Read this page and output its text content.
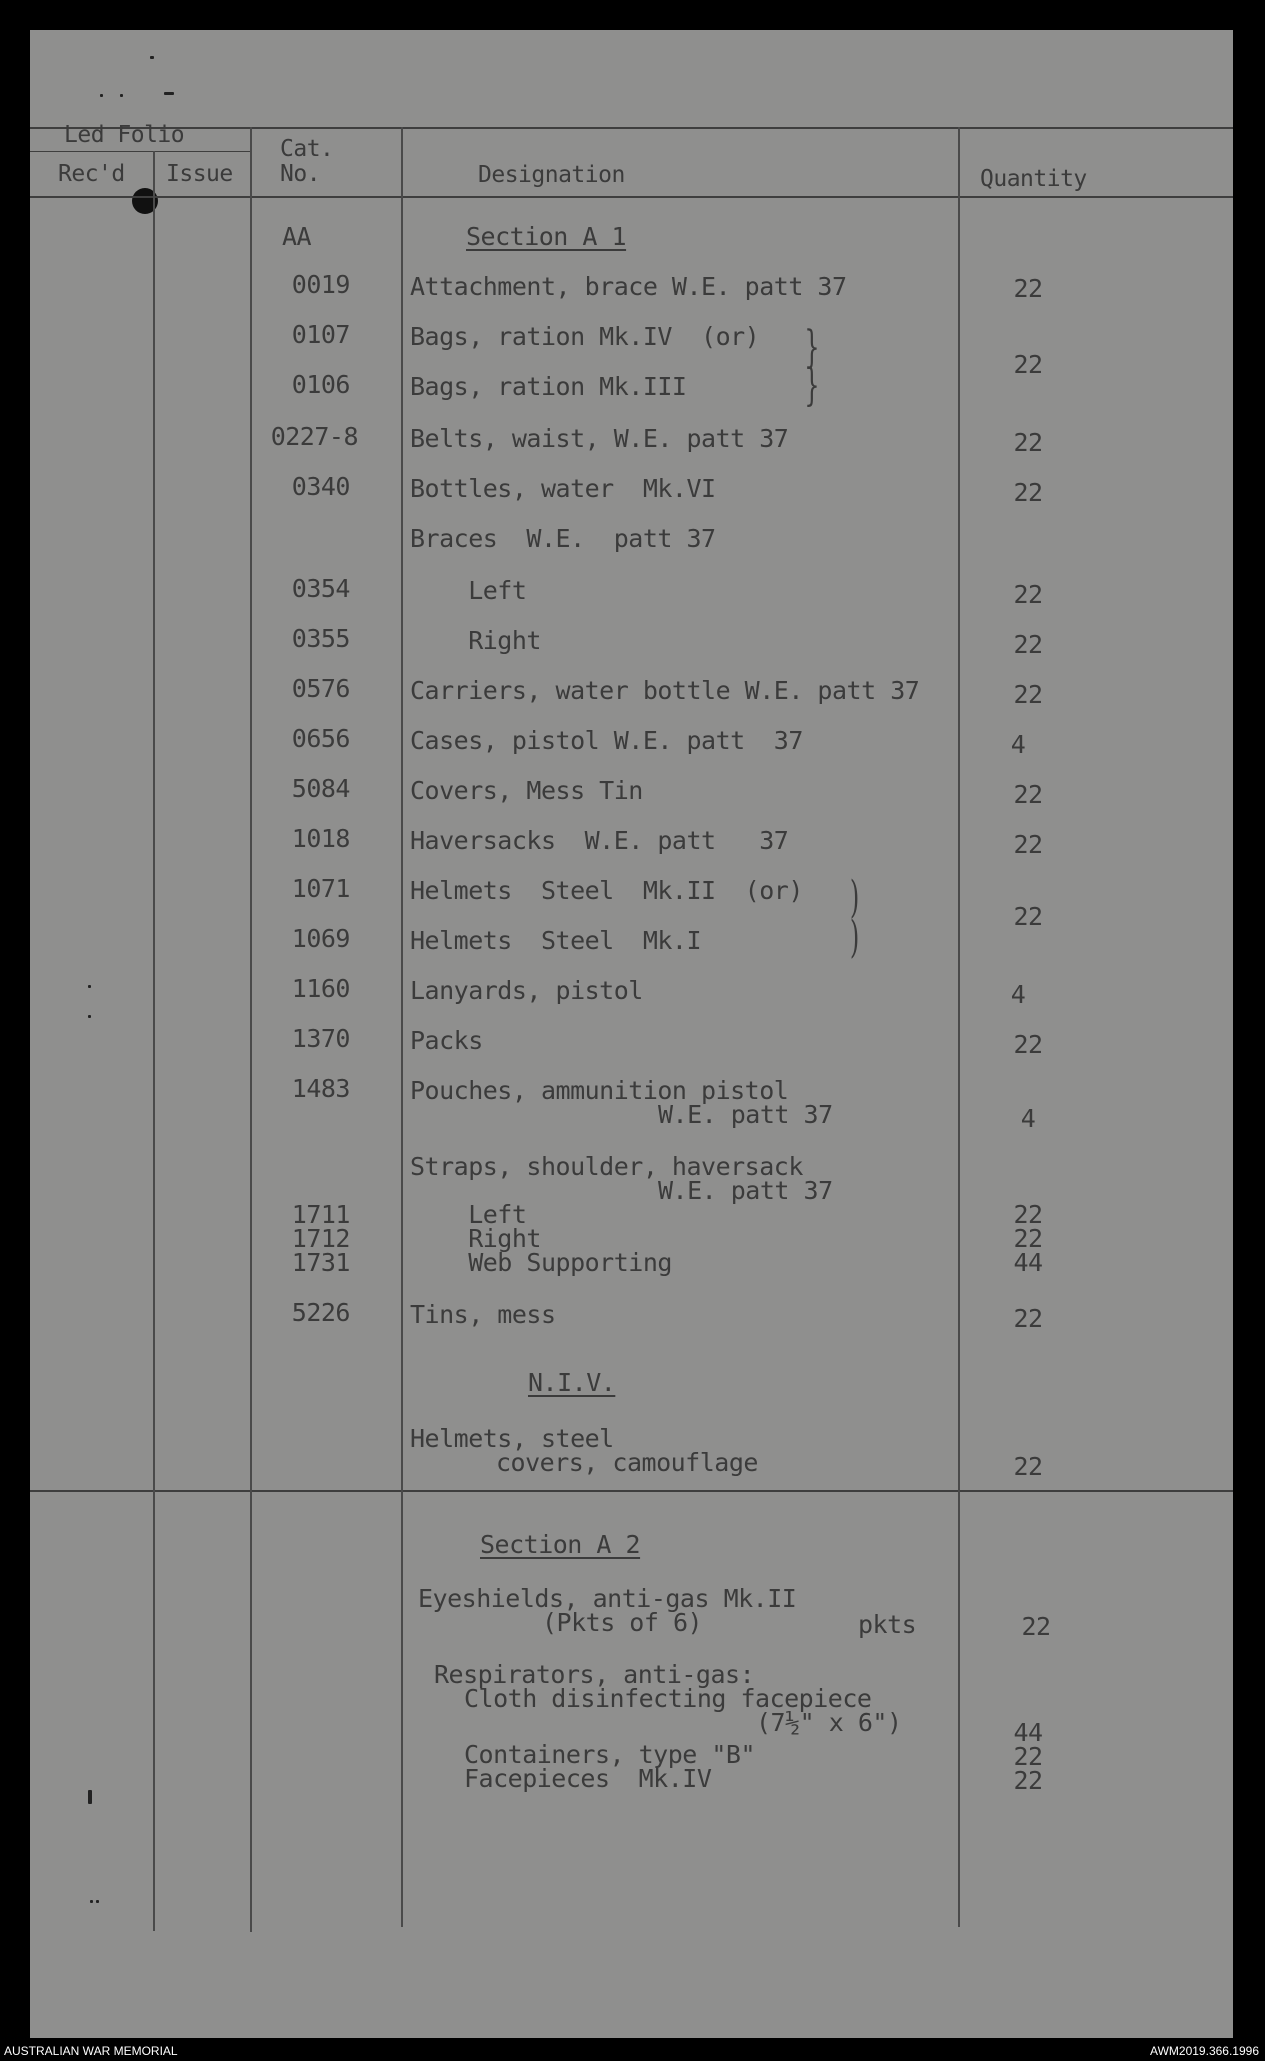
Led Folio
Rec'd Issue
Cat.
No.	Designation	Quantity
AA	Section A 1
0019 Attachment, brace W.E. patt 37	22
0107 Bags, ration Mk.IV  (or)
0106 Bags, ration Mk.III
}
}	22
0227-8 Belts, waist, W.E. patt 37	22
0340 Bottles, water  Mk.VI	22
Braces  W.E.  patt 37
0354 Left	22
0355 Right	22
0576 Carriers, water bottle W.E. patt 37	22
0656 Cases, pistol W.E. patt  37	4
5084 Covers, Mess Tin	22
1018 Haversacks  W.E. patt   37	22
1071 Helmets  Steel  Mk.II  (or)
1069 Helmets  Steel  Mk.I
)
)	22
1160 Lanyards, pistol	4
1370 Packs	22
1483 Pouches, ammunition pistol
W.E. patt 37	4
Straps, shoulder, haversack
W.E. patt 37
1711 Left	22
1712 Right	22
1731 Web Supporting	44
5226 Tins, mess	22
N.I.V.
Helmets, steel
covers, camouflage	22
Section A 2
Eyeshields, anti-gas Mk.II
(Pkts of 6)	pkts	22
Respirators, anti-gas:
Cloth disinfecting facepiece
(7½" x 6")	44
Containers, type "B"	22
Facepieces  Mk.IV	22
AUSTRALIAN WAR MEMORIAL	AWM2019.366.1996
